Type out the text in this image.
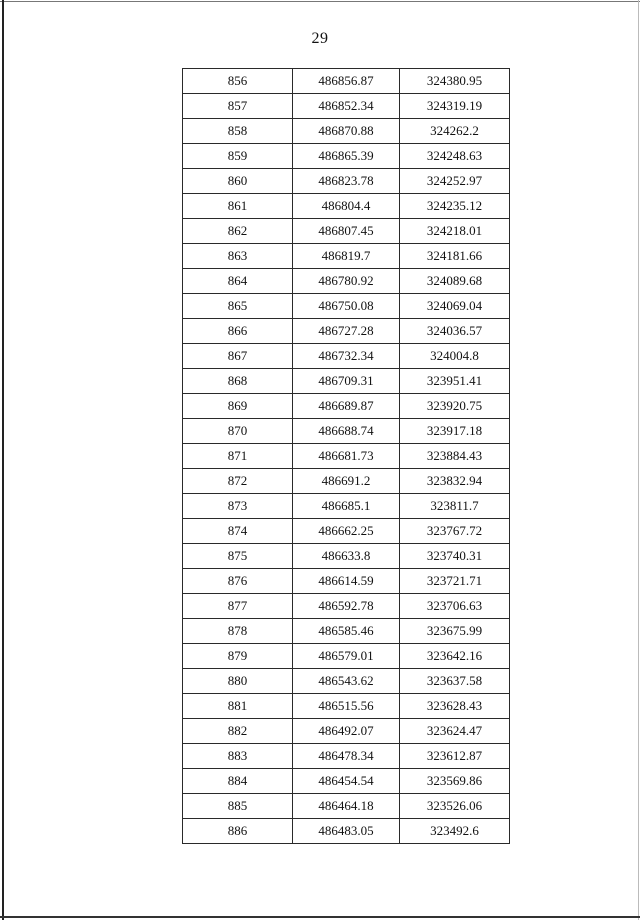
29
856	486856.87	324380.95
857	486852.34	324319.19
858	486870.88	324262.2
859	486865.39	324248.63
860	486823.78	324252.97
861	486804.4	324235.12
862	486807.45	324218.01
863	486819.7	324181.66
864	486780.92	324089.68
865	486750.08	324069.04
866	486727.28	324036.57
867	486732.34	324004.8
868	486709.31	323951.41
869	486689.87	323920.75
870	486688.74	323917.18
871	486681.73	323884.43
872	486691.2	323832.94
873	486685.1	323811.7
874	486662.25	323767.72
875	486633.8	323740.31
876	486614.59	323721.71
877	486592.78	323706.63
878	486585.46	323675.99
879	486579.01	323642.16
880	486543.62	323637.58
881	486515.56	323628.43
882	486492.07	323624.47
883	486478.34	323612.87
884	486454.54	323569.86
885	486464.18	323526.06
886	486483.05	323492.6
